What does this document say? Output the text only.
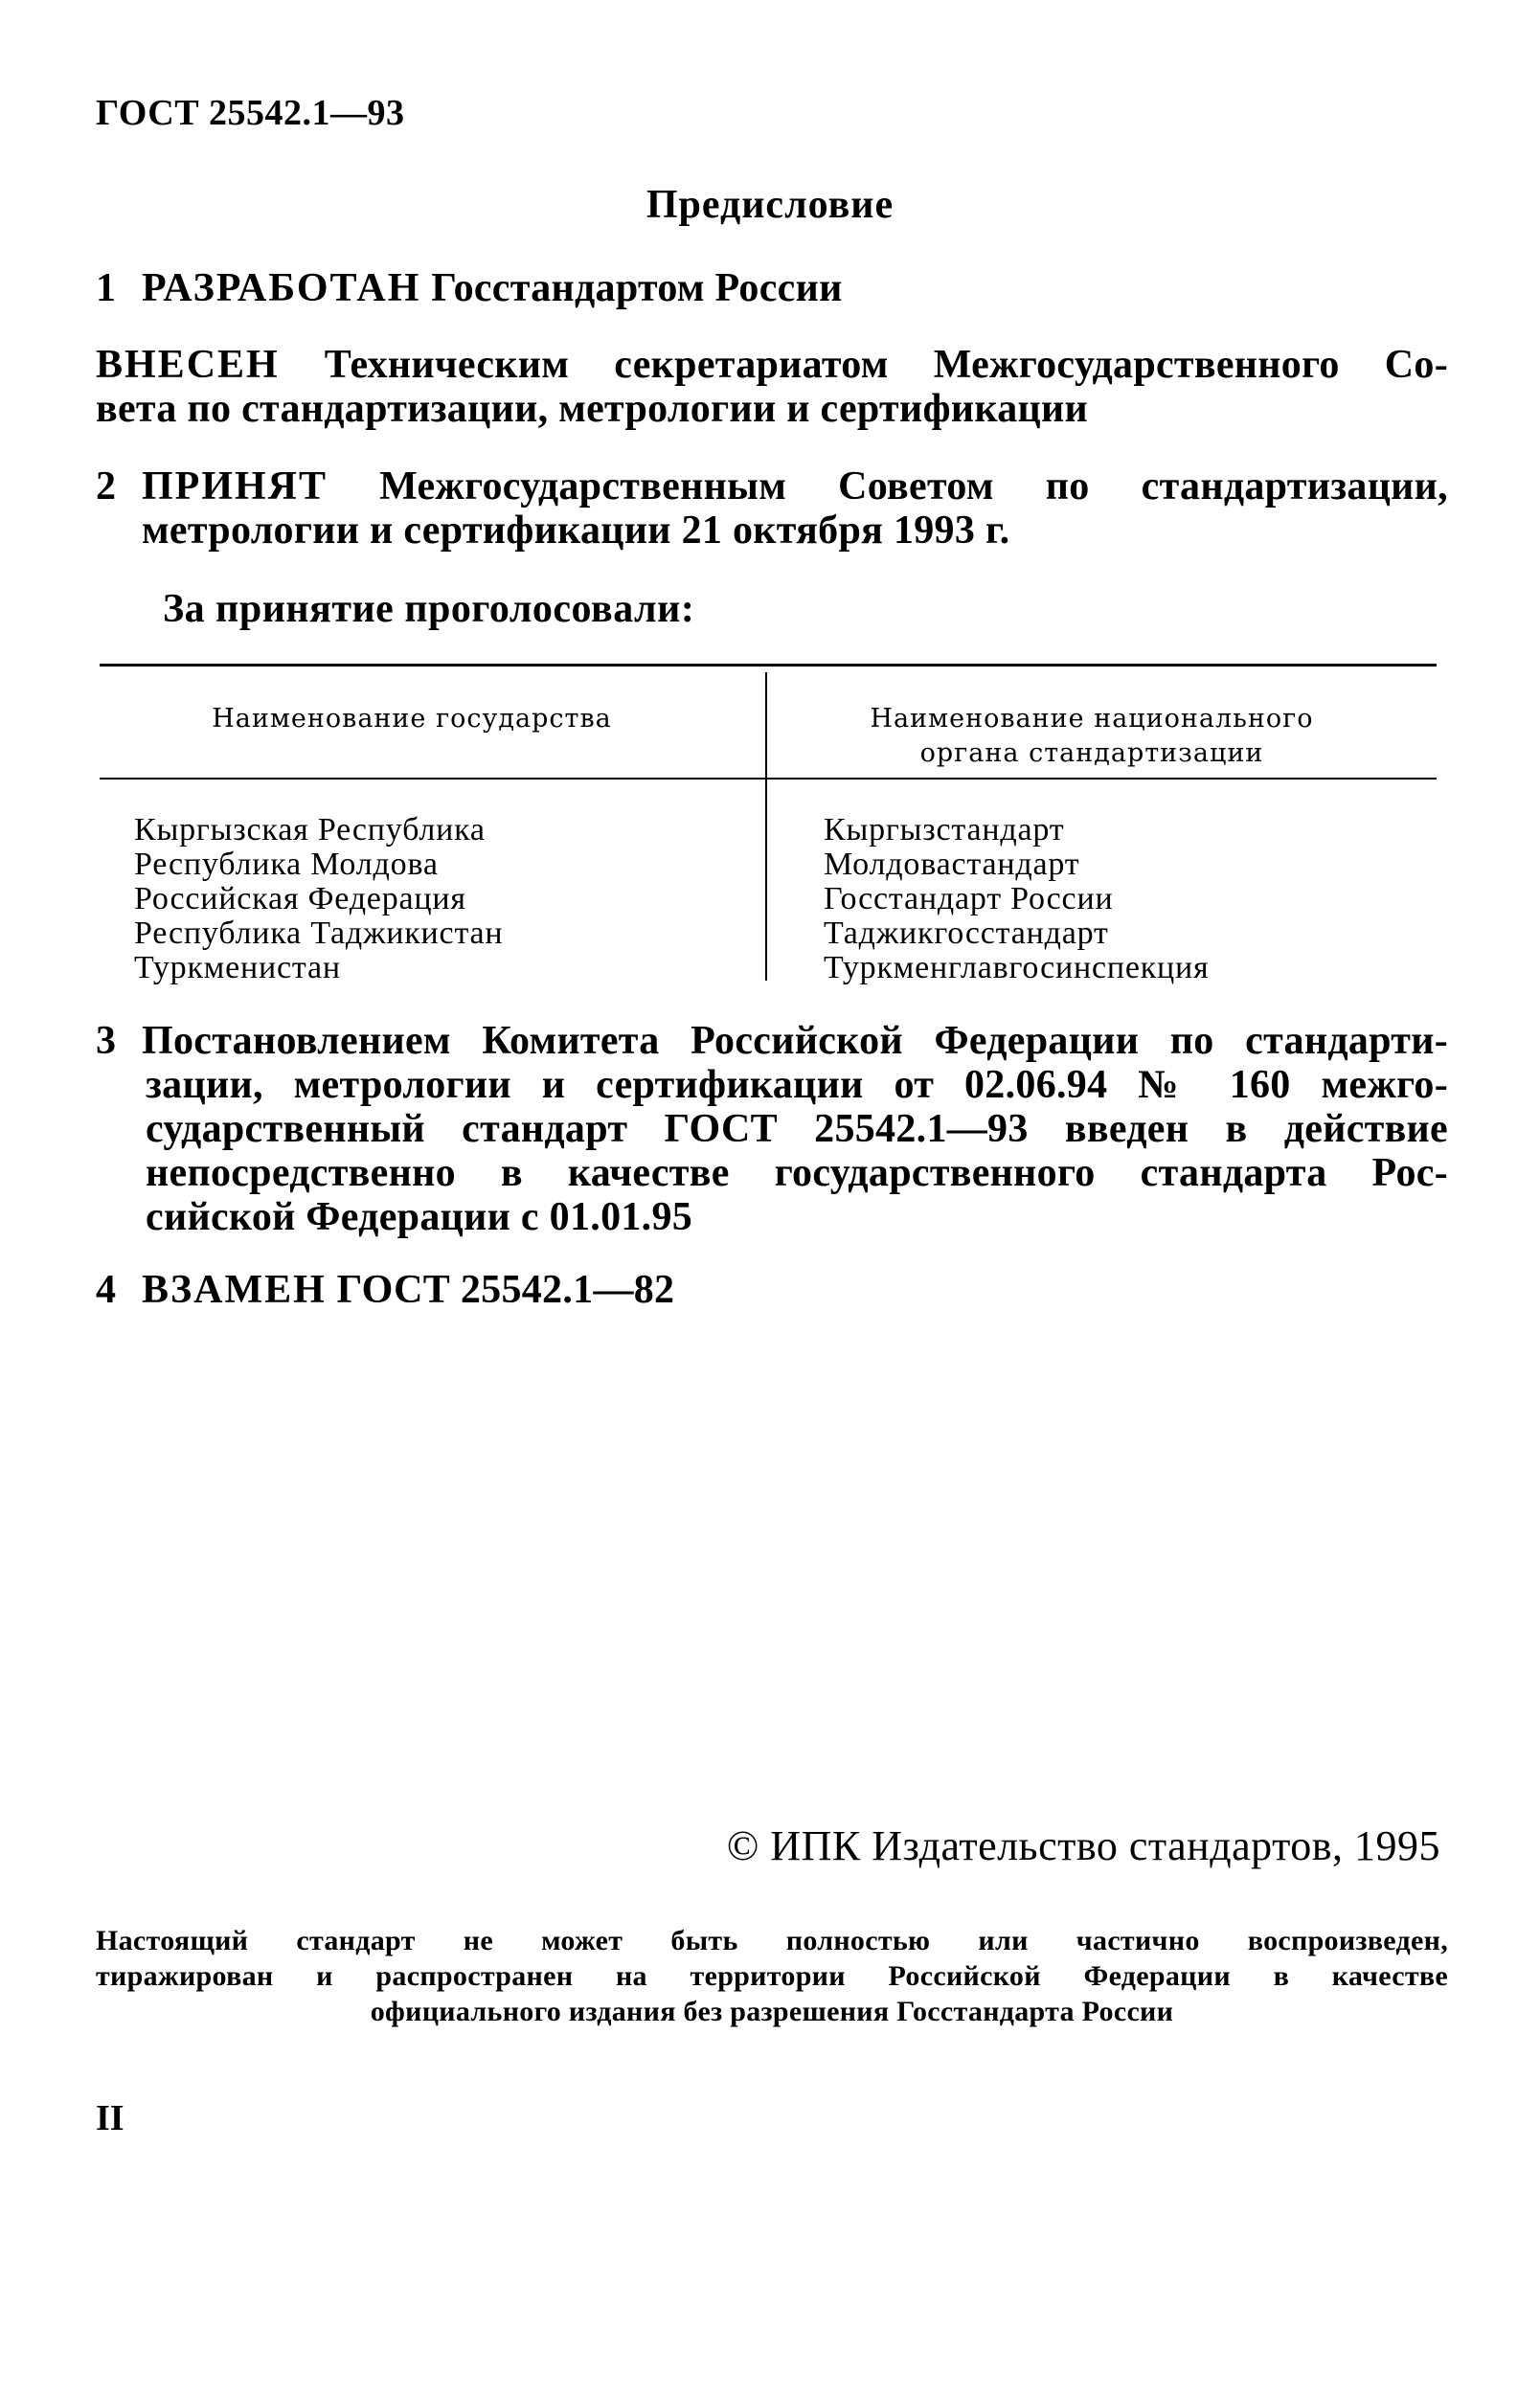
ГОСТ 25542.1—93
Предисловие
1 РАЗРАБОТАН Госстандартом России
ВНЕСЕН Техническим секретариатом Межгосударственного Со-
вета по стандартизации, метрологии и сертификации
2 ПРИНЯТ Межгосударственным Советом по стандартизации,
метрологии и сертификации 21 октября 1993 г.
За принятие проголосовали:
Наименование государства	Наименование национального
органа стандартизации
Кыргызская Республика
Республика Молдова
Российская Федерация
Республика Таджикистан
Туркменистан
Кыргызстандарт
Молдовастандарт
Госстандарт России
Таджикгосстандарт
Туркменглавгосинспекция
3 Постановлением Комитета Российской Федерации по стандарти-
зации, метрологии и сертификации от 02.06.94 № 160 межго-
сударственный стандарт ГОСТ 25542.1—93 введен в действие
непосредственно в качестве государственного стандарта Рос-
сийской Федерации с 01.01.95
4 ВЗАМЕН ГОСТ 25542.1—82
© ИПК Издательство стандартов, 1995
Настоящий стандарт не может быть полностью или частично воспроизведен,
тиражирован и распространен на территории Российской Федерации в качестве
официального издания без разрешения Госстандарта России
II
